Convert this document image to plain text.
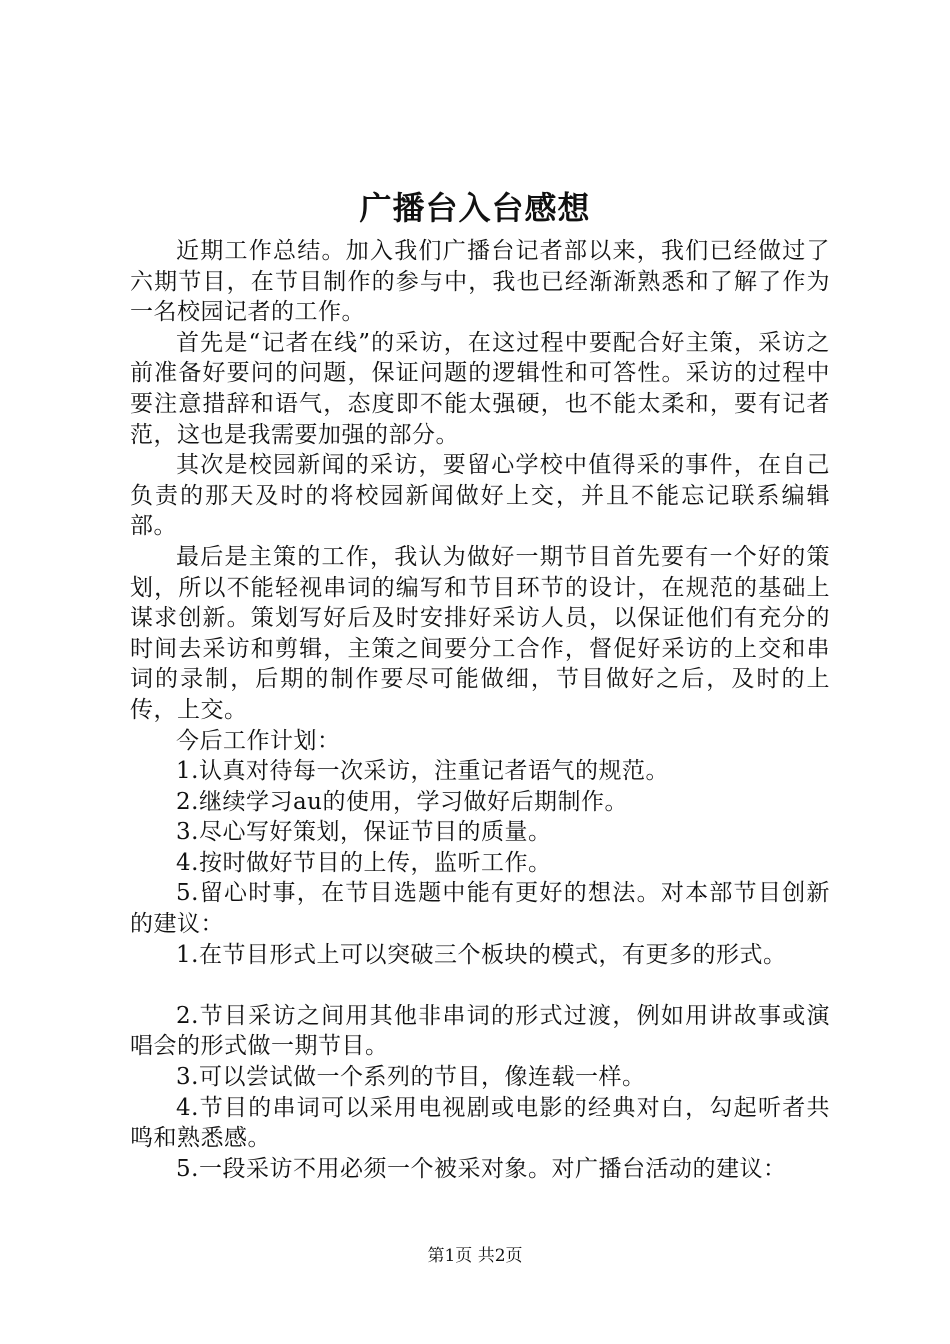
广播台入台感想

近期工作总结。加入我们广播台记者部以来，我们已经做过了六期节目，在节目制作的参与中，我也已经渐渐熟悉和了解了作为一名校园记者的工作。

首先是“记者在线”的采访，在这过程中要配合好主策，采访之前准备好要问的问题，保证问题的逻辑性和可答性。采访的过程中要注意措辞和语气，态度即不能太强硬，也不能太柔和，要有记者范，这也是我需要加强的部分。

其次是校园新闻的采访，要留心学校中值得采的事件，在自己负责的那天及时的将校园新闻做好上交，并且不能忘记联系编辑部。

最后是主策的工作，我认为做好一期节目首先要有一个好的策划，所以不能轻视串词的编写和节目环节的设计，在规范的基础上谋求创新。策划写好后及时安排好采访人员，以保证他们有充分的时间去采访和剪辑，主策之间要分工合作，督促好采访的上交和串词的录制，后期的制作要尽可能做细，节目做好之后，及时的上传，上交。

今后工作计划：

1.认真对待每一次采访，注重记者语气的规范。

2.继续学习au的使用，学习做好后期制作。

3.尽心写好策划，保证节目的质量。

4.按时做好节目的上传，监听工作。

5.留心时事，在节目选题中能有更好的想法。对本部节目创新的建议：

1.在节目形式上可以突破三个板块的模式，有更多的形式。

2.节目采访之间用其他非串词的形式过渡，例如用讲故事或演唱会的形式做一期节目。

3.可以尝试做一个系列的节目，像连载一样。

4.节目的串词可以采用电视剧或电影的经典对白，勾起听者共鸣和熟悉感。

5.一段采访不用必须一个被采对象。对广播台活动的建议：

第1页 共2页
